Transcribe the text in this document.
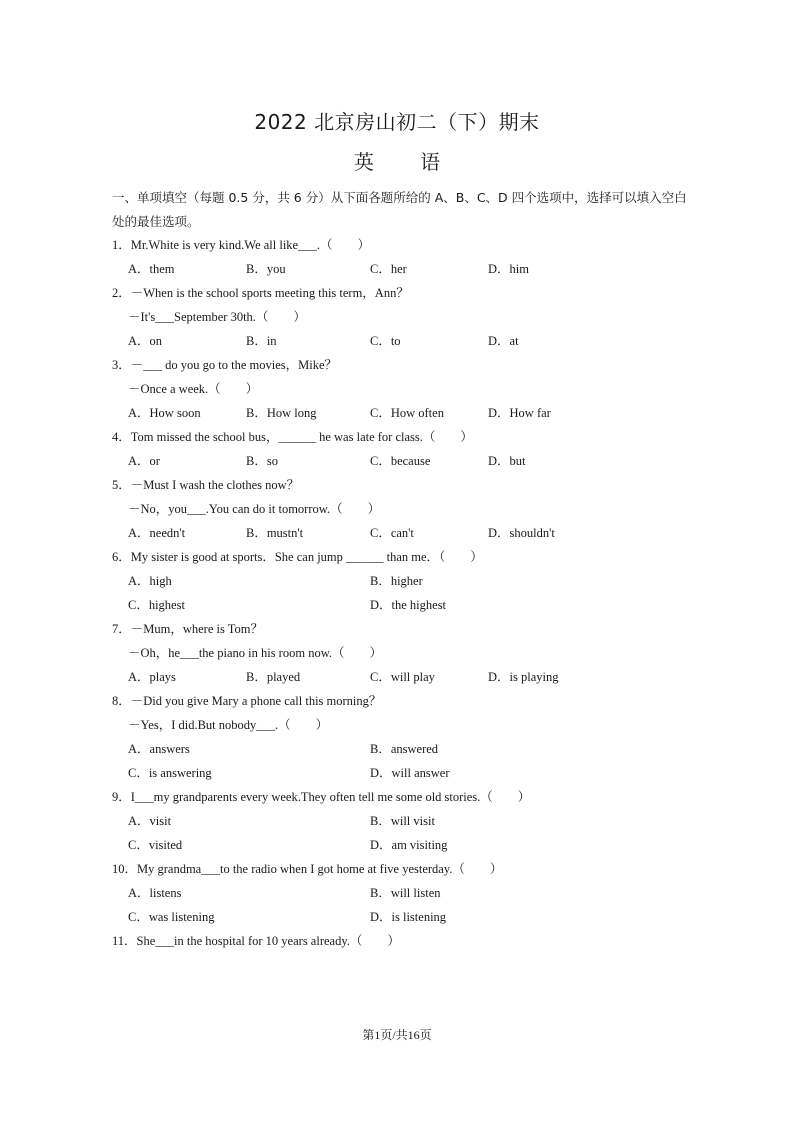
2022 北京房山初二（下）期末
英 语
一、单项填空（每题 0.5 分，共 6 分）从下面各题所给的 A、B、C、D 四个选项中，选择可以填入空白处的最佳选项。
1．Mr.White is very kind.We all like___.（　　）
A．them	B．you	C．her	D．him
2．－When is the school sports meeting this term，Ann？
－It's___September 30th.（　　）
A．on	B．in	C．to	D．at
3．－___ do you go to the movies，Mike？
－Once a week.（　　）
A．How soon	B．How long	C．How often	D．How far
4．Tom missed the school bus，______ he was late for class.（　　）
A．or	B．so	C．because	D．but
5．－Must I wash the clothes now？
－No，you___.You can do it tomorrow.（　　）
A．needn't	B．mustn't	C．can't	D．shouldn't
6．My sister is good at sports．She can jump ______ than me．（　　）
A．high	B．higher
C．highest	D．the highest
7．－Mum，where is Tom？
－Oh，he___the piano in his room now.（　　）
A．plays	B．played	C．will play	D．is playing
8．－Did you give Mary a phone call this morning？
－Yes，I did.But nobody___.（　　）
A．answers	B．answered
C．is answering	D．will answer
9．I___my grandparents every week.They often tell me some old stories.（　　）
A．visit	B．will visit
C．visited	D．am visiting
10．My grandma___to the radio when I got home at five yesterday.（　　）
A．listens	B．will listen
C．was listening	D．is listening
11．She___in the hospital for 10 years already.（　　）
第1页/共16页
